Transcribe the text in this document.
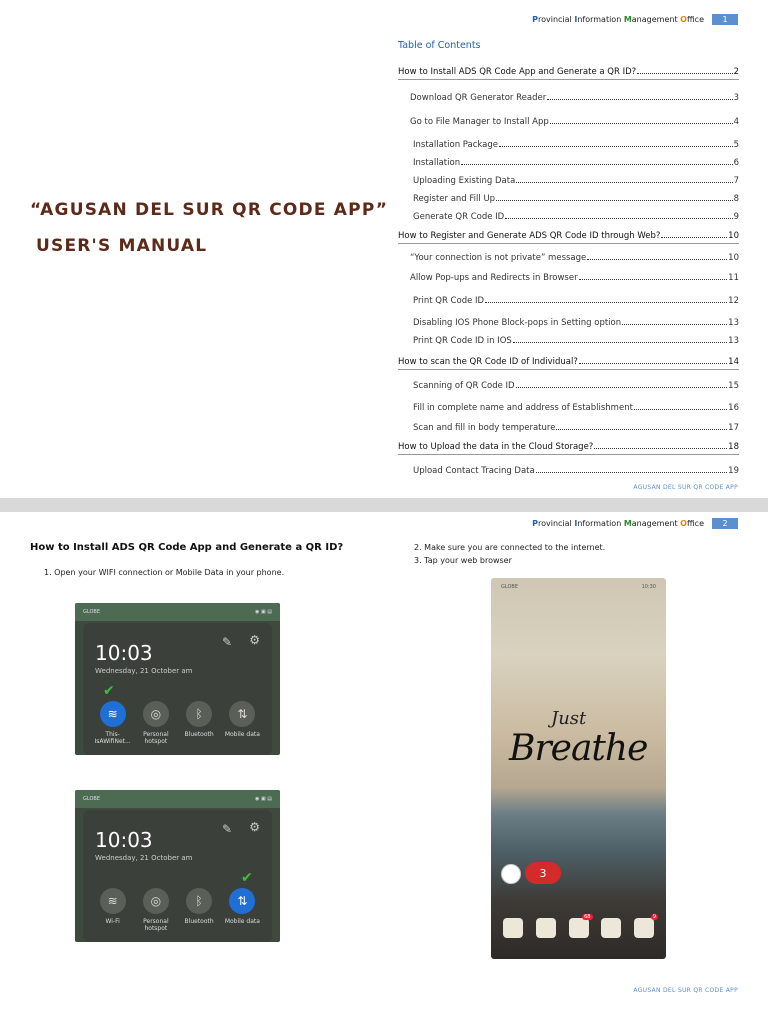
Provincial Information Management Office	1
“AGUSAN DEL SUR QR CODE APP”
USER'S MANUAL
Table of Contents
How to Install ADS QR Code App and Generate a QR ID?	2
Download QR Generator Reader	3
Go to File Manager to Install App	4
Installation Package	5
Installation	6
Uploading Existing Data	7
Register and Fill Up	8
Generate QR Code ID	9
How to Register and Generate ADS QR Code ID through Web?	10
“Your connection is not private” message	10
Allow Pop-ups and Redirects in Browser	11
Print QR Code ID	12
Disabling IOS Phone Block-pops in Setting option	13
Print QR Code ID in IOS	13
How to scan the QR Code ID of Individual?	14
Scanning of QR Code ID	15
Fill in complete name and address of Establishment	16
Scan and fill in body temperature	17
How to Upload the data in the Cloud Storage?	18
Upload Contact Tracing Data	19
AGUSAN DEL SUR QR CODE APP
Provincial Information Management Office	2
How to Install ADS QR Code App and Generate a QR ID?
1. Open your WIFI connection or Mobile Data in your phone.
2. Make sure you are connected to the internet.
3. Tap your web browser
GLOBE	◉ ▣ ▤
10:03
Wednesday, 21 October am
✎ ⚙
≋
This-IsAWifiNet...
◎
Personal hotspot
ᛒ
Bluetooth
⇅
Mobile data
✔
GLOBE	◉ ▣ ▤
10:03
Wednesday, 21 October am
✎ ⚙
≋
Wi-Fi
◎
Personal hotspot
ᛒ
Bluetooth
⇅
Mobile data
✔
GLOBE	10:30
Just
Breathe
3
68	9
AGUSAN DEL SUR QR CODE APP
